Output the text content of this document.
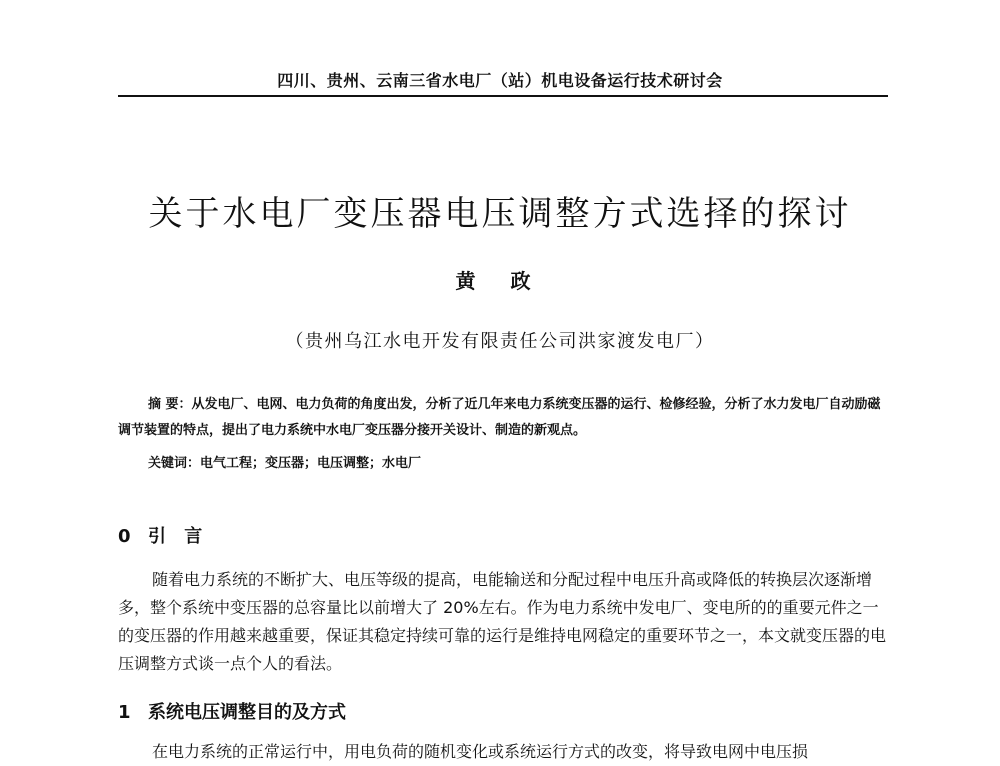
四川、贵州、云南三省水电厂（站）机电设备运行技术研讨会
关于水电厂变压器电压调整方式选择的探讨
黄 政
（贵州乌江水电开发有限责任公司洪家渡发电厂）

摘 要：从发电厂、电网、电力负荷的角度出发，分析了近几年来电力系统变压器的运行、检修经验，分析了水力发电厂自动励磁调节装置的特点，提出了电力系统中水电厂变压器分接开关设计、制造的新观点。

关键词：电气工程；变压器；电压调整；水电厂
0 引 言

随着电力系统的不断扩大、电压等级的提高，电能输送和分配过程中电压升高或降低的转换层次逐渐增多，整个系统中变压器的总容量比以前增大了 20%左右。作为电力系统中发电厂、变电所的的重要元件之一的变压器的作用越来越重要，保证其稳定持续可靠的运行是维持电网稳定的重要环节之一，本文就变压器的电压调整方式谈一点个人的看法。

1 系统电压调整目的及方式

在电力系统的正常运行中，用电负荷的随机变化或系统运行方式的改变，将导致电网中电压损
